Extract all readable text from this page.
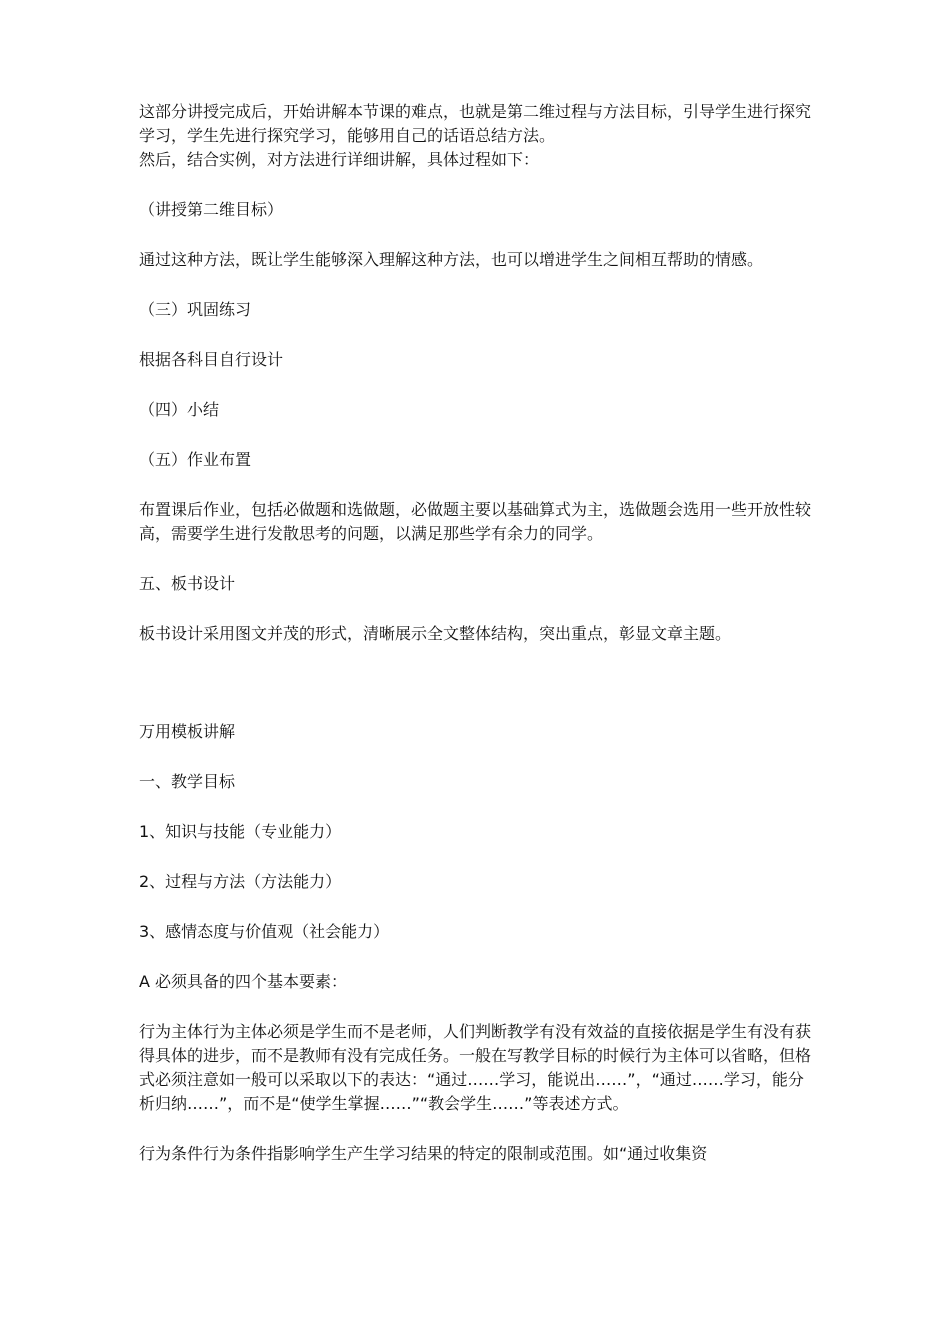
这部分讲授完成后，开始讲解本节课的难点，也就是第二维过程与方法目标，引导学生进行探究学习，学生先进行探究学习，能够用自己的话语总结方法。

然后，结合实例，对方法进行详细讲解，具体过程如下：

（讲授第二维目标）

通过这种方法，既让学生能够深入理解这种方法，也可以增进学生之间相互帮助的情感。

（三）巩固练习

根据各科目自行设计

（四）小结

（五）作业布置

布置课后作业，包括必做题和选做题，必做题主要以基础算式为主，选做题会选用一些开放性较高，需要学生进行发散思考的问题，以满足那些学有余力的同学。

五、板书设计

板书设计采用图文并茂的形式，清晰展示全文整体结构，突出重点，彰显文章主题。

万用模板讲解

一、教学目标

1、知识与技能（专业能力）

2、过程与方法（方法能力）

3、感情态度与价值观（社会能力）

A 必须具备的四个基本要素：

行为主体行为主体必须是学生而不是老师，人们判断教学有没有效益的直接依据是学生有没有获得具体的进步，而不是教师有没有完成任务。一般在写教学目标的时候行为主体可以省略，但格式必须注意如一般可以采取以下的表达：“通过……学习，能说出……”，“通过……学习，能分析归纳……”，而不是“使学生掌握……”“教会学生……”等表述方式。

行为条件行为条件指影响学生产生学习结果的特定的限制或范围。如“通过收集资
